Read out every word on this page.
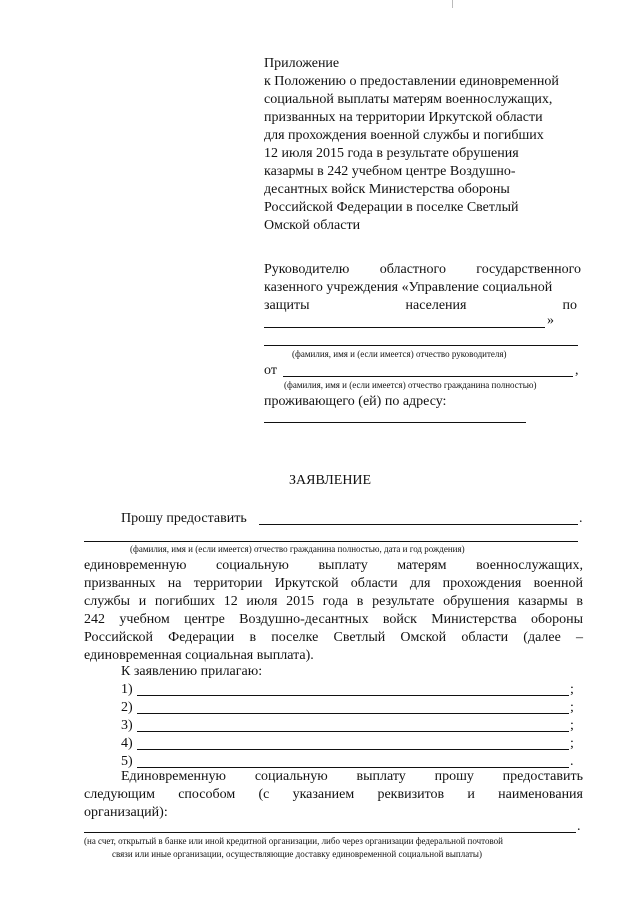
Приложение
к Положению о предоставлении единовременной
социальной выплаты матерям военнослужащих,
призванных на территории Иркутской области
для прохождения военной службы и погибших
12 июля 2015 года в результате обрушения
казармы в 242 учебном центре Воздушно-
десантных войск Министерства обороны
Российской Федерации в поселке Светлый
Омской области
Руководителю областного государственного
казенного учреждения «Управление социальной
защиты населения по
»
(фамилия, имя и (если имеется) отчество руководителя)
от	,
(фамилия, имя и (если имеется) отчество гражданина полностью)
проживающего (ей) по адресу:
ЗАЯВЛЕНИЕ
Прошу предоставить	.
(фамилия, имя и (если имеется) отчество гражданина полностью, дата и год рождения)
единовременную социальную выплату матерям военнослужащих,
призванных на территории Иркутской области для прохождения военной
службы и погибших 12 июля 2015 года в результате обрушения казармы в
242 учебном центре Воздушно-десантных войск Министерства обороны
Российской Федерации в поселке Светлый Омской области (далее –
единовременная социальная выплата).
К заявлению прилагаю:
1)	;
2)	;
3)	;
4)	;
5)	.
Единовременную социальную выплату прошу предоставить
следующим способом (с указанием реквизитов и наименования
организаций):
.
(на счет, открытый в банке или иной кредитной организации, либо через организации федеральной почтовой
связи или иные организации, осуществляющие доставку единовременной социальной выплаты)
